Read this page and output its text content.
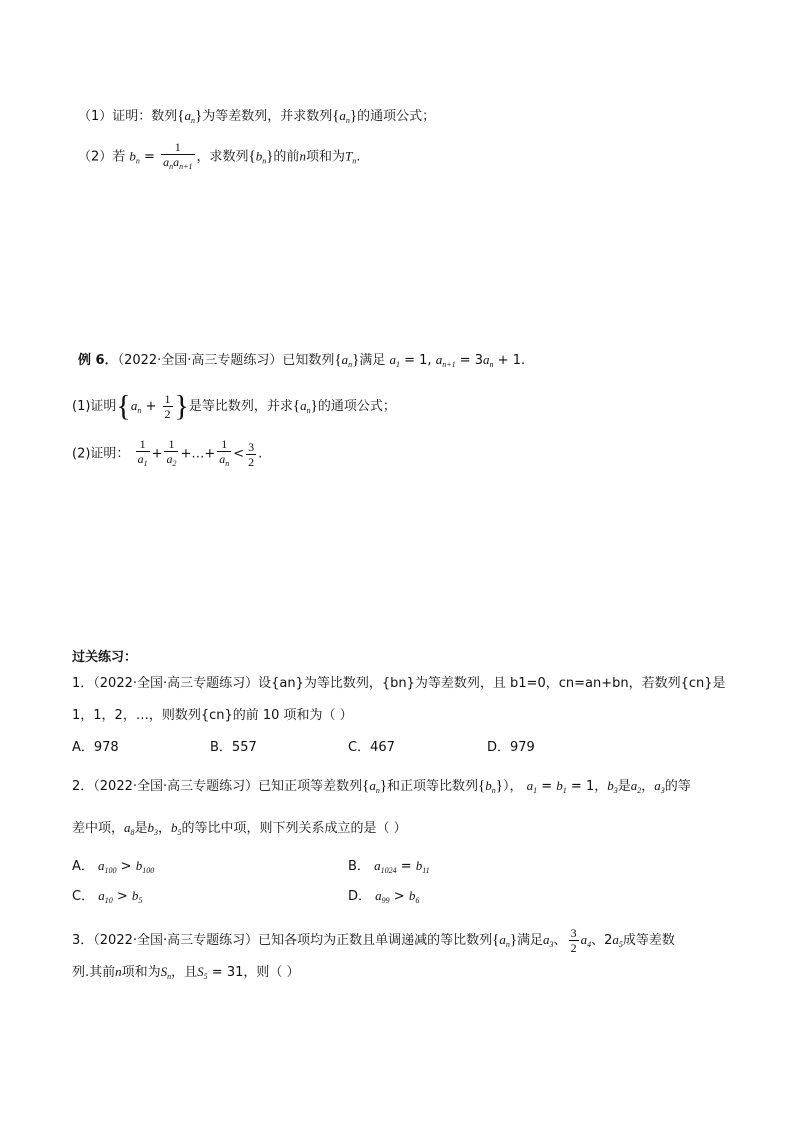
（1）证明：数列$\{a_n\}$为等差数列，并求数列$\{a_n\}$的通项公式；
（2）若 $b_n = \frac{1}{a_na_{n+1}}$ ，求数列$\{b_n\}$的前n项和为$T_n$.
例 6．（2022·全国·高三专题练习）已知数列$\{a_n\}$满足 $a_1 = 1$, $a_{n+1} = 3a_n + 1$.
(1)证明{$a_n + \frac{1}{2}$ }是等比数列，并求$\{a_n\}$的通项公式；
(2)证明： $\frac{1}{a_1} + \frac{1}{a_2}$ +…+ $\frac{1}{a_n} < \frac{3}{2}$ .
过关练习：
1．（2022·全国·高三专题练习）设{an}为等比数列，{bn}为等差数列，且 b1=0，cn=an+bn，若数列{cn}是
1，1，2，…，则数列{cn}的前 10 项和为（ ）
A．978	B．557	C．467	D．979
2．（2022·全国·高三专题练习）已知正项等差数列$\{a_n\}$和正项等比数列$\{b_n\}$）， $a_1 = b_1 = 1$，$b_3$是$a_2$，$a_3$的等
差中项，$a_8$是$b_3$，$b_5$的等比中项，则下列关系成立的是（ ）
A． $a_{100} > b_{100}$	B． $a_{1024} = b_{11}$
C． $a_{10} > b_5$	D． $a_{99} > b_6$
3．（2022·全国·高三专题练习）已知各项均为正数且单调递减的等比数列$\{a_n\}$满足$a_3$、 $\frac{3}{2} a_4$、$2a_5$成等差数
列.其前n项和为$S_n$，且$S_5 = 31$，则（ ）
